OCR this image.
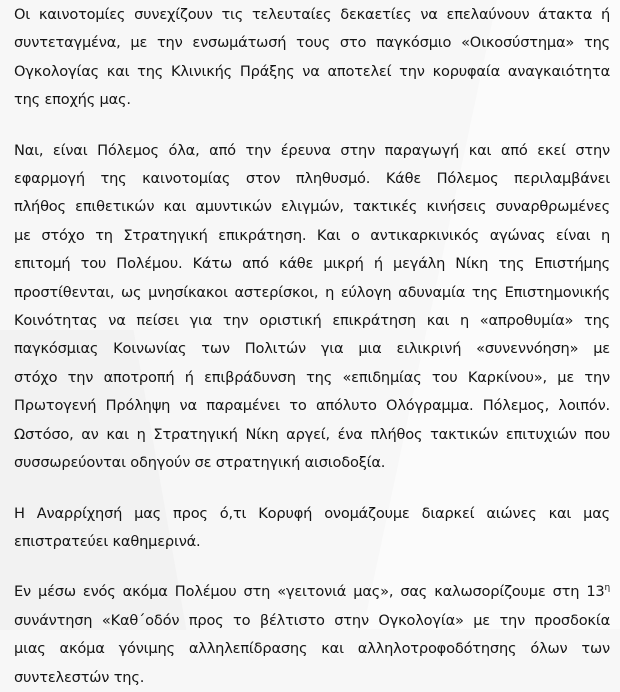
Οι καινοτομίες συνεχίζουν τις τελευταίες δεκαετίες να επελαύνουν άτακτα ή
συντεταγμένα, με την ενσωμάτωσή τους στο παγκόσμιο «Οικοσύστημα» της
Ογκολογίας και της Κλινικής Πράξης να αποτελεί την κορυφαία αναγκαιότητα
της εποχής μας.
Ναι, είναι Πόλεμος όλα, από την έρευνα στην παραγωγή και από εκεί στην
εφαρμογή της καινοτομίας στον πληθυσμό. Κάθε Πόλεμος περιλαμβάνει
πλήθος επιθετικών και αμυντικών ελιγμών, τακτικές κινήσεις συναρθρωμένες
με στόχο τη Στρατηγική επικράτηση. Και ο αντικαρκινικός αγώνας είναι η
επιτομή του Πολέμου. Κάτω από κάθε μικρή ή μεγάλη Νίκη της Επιστήμης
προστίθενται, ως μνησίκακοι αστερίσκοι, η εύλογη αδυναμία της Επιστημονικής
Κοινότητας να πείσει για την οριστική επικράτηση και η «απροθυμία» της
παγκόσμιας Κοινωνίας των Πολιτών για μια ειλικρινή «συνεννόηση» με
στόχο την αποτροπή ή επιβράδυνση της «επιδημίας του Καρκίνου», με την
Πρωτογενή Πρόληψη να παραμένει το απόλυτο Ολόγραμμα. Πόλεμος, λοιπόν.
Ωστόσο, αν και η Στρατηγική Νίκη αργεί, ένα πλήθος τακτικών επιτυχιών που
συσσωρεύονται οδηγούν σε στρατηγική αισιοδοξία.
Η Αναρρίχησή μας προς ό,τι Κορυφή ονομάζουμε διαρκεί αιώνες και μας
επιστρατεύει καθημερινά.
Εν μέσω ενός ακόμα Πολέμου στη «γειτονιά μας», σας καλωσορίζουμε στη $13^\eta$
συνάντηση «Καθ΄οδόν προς το βέλτιστο στην Ογκολογία» με την προσδοκία
μιας ακόμα γόνιμης αλληλεπίδρασης και αλληλοτροφοδότησης όλων των
συντελεστών της.
